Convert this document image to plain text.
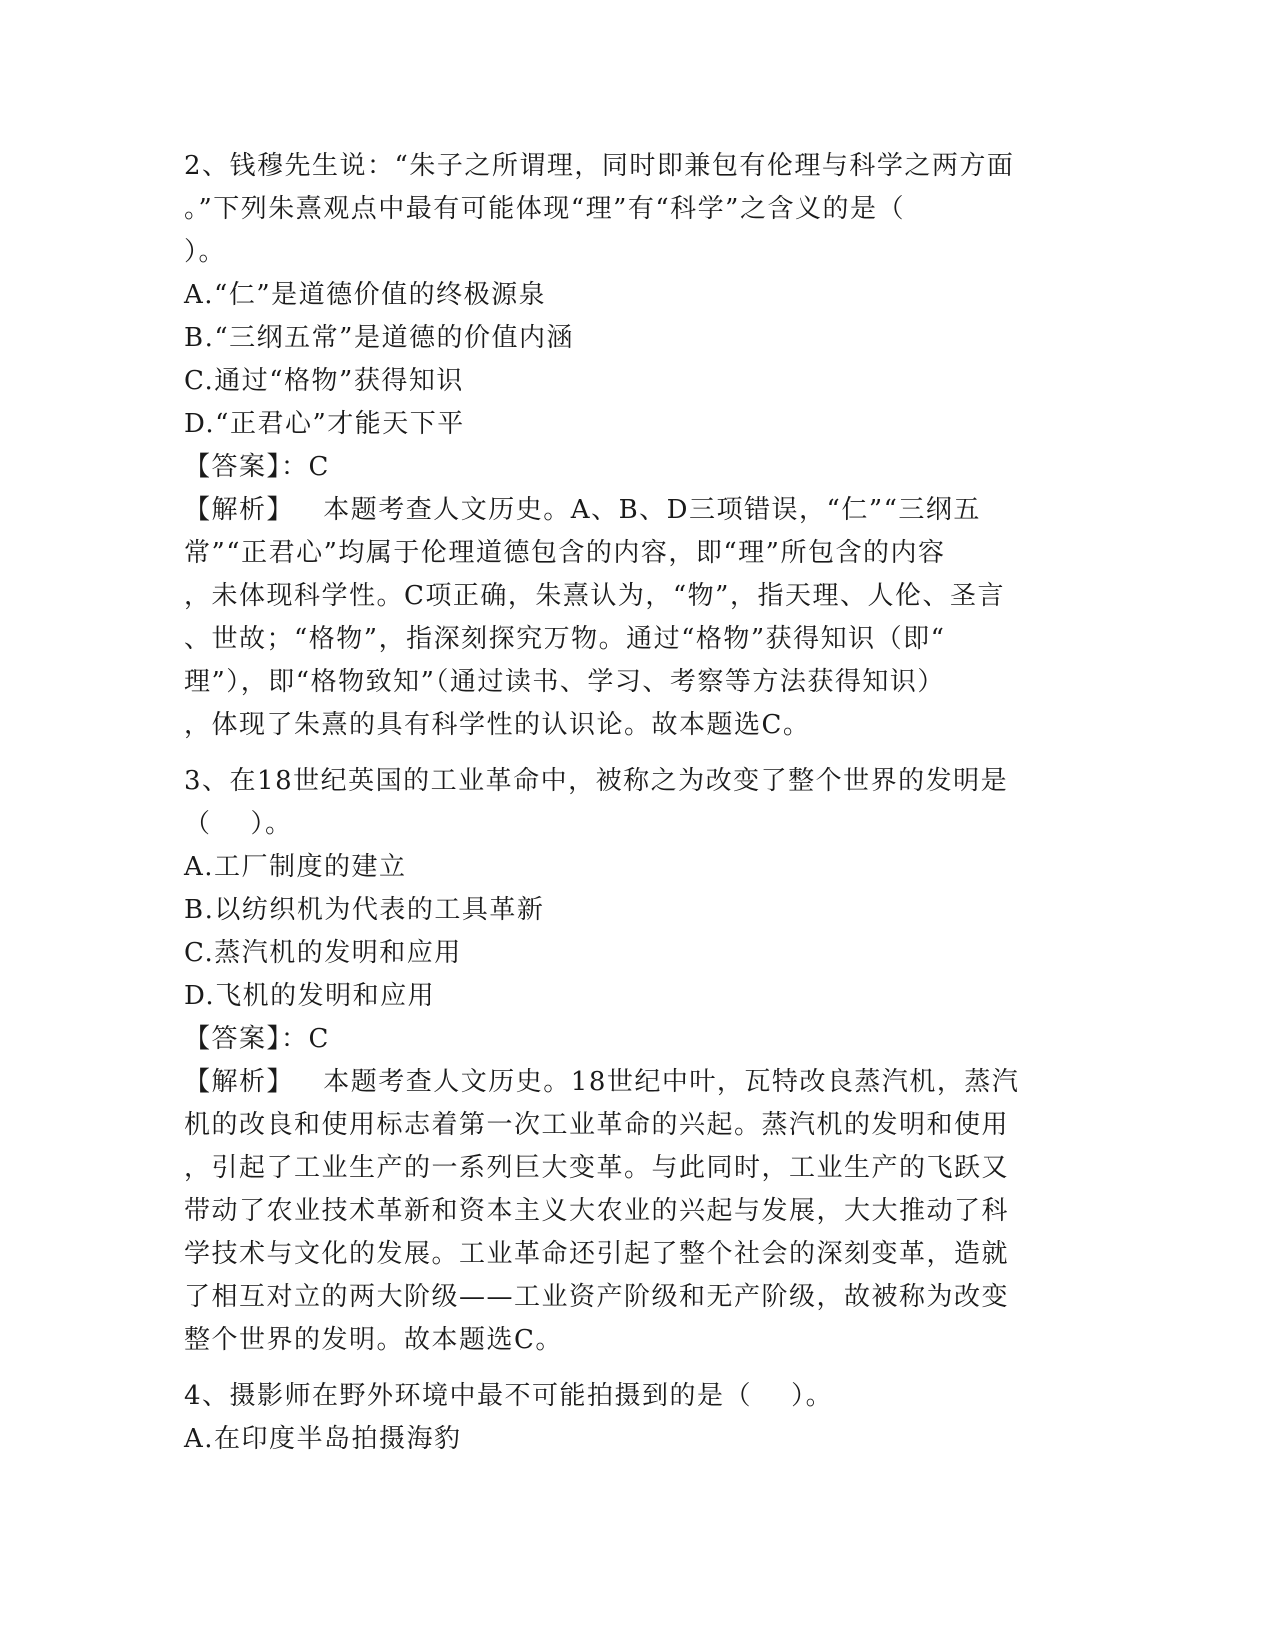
2、钱穆先生说：“朱子之所谓理，同时即兼包有伦理与科学之两方面
。”下列朱熹观点中最有可能体现“理”有“科学”之含义的是（
）。
A.“仁”是道德价值的终极源泉
B.“三纲五常”是道德的价值内涵
C.通过“格物”获得知识
D.“正君心”才能天下平
【答案】：C
【解析】   本题考查人文历史。A、B、D三项错误，“仁”“三纲五
常”“正君心”均属于伦理道德包含的内容，即“理”所包含的内容
，未体现科学性。C项正确，朱熹认为，“物”，指天理、人伦、圣言
、世故；“格物”，指深刻探究万物。通过“格物”获得知识（即“
理”），即“格物致知”（通过读书、学习、考察等方法获得知识）
，体现了朱熹的具有科学性的认识论。故本题选C。
3、在18世纪英国的工业革命中，被称之为改变了整个世界的发明是
（    ）。
A.工厂制度的建立
B.以纺织机为代表的工具革新
C.蒸汽机的发明和应用
D.飞机的发明和应用
【答案】：C
【解析】   本题考查人文历史。18世纪中叶，瓦特改良蒸汽机，蒸汽
机的改良和使用标志着第一次工业革命的兴起。蒸汽机的发明和使用
，引起了工业生产的一系列巨大变革。与此同时，工业生产的飞跃又
带动了农业技术革新和资本主义大农业的兴起与发展，大大推动了科
学技术与文化的发展。工业革命还引起了整个社会的深刻变革，造就
了相互对立的两大阶级——工业资产阶级和无产阶级，故被称为改变
整个世界的发明。故本题选C。
4、摄影师在野外环境中最不可能拍摄到的是（    ）。
A.在印度半岛拍摄海豹
